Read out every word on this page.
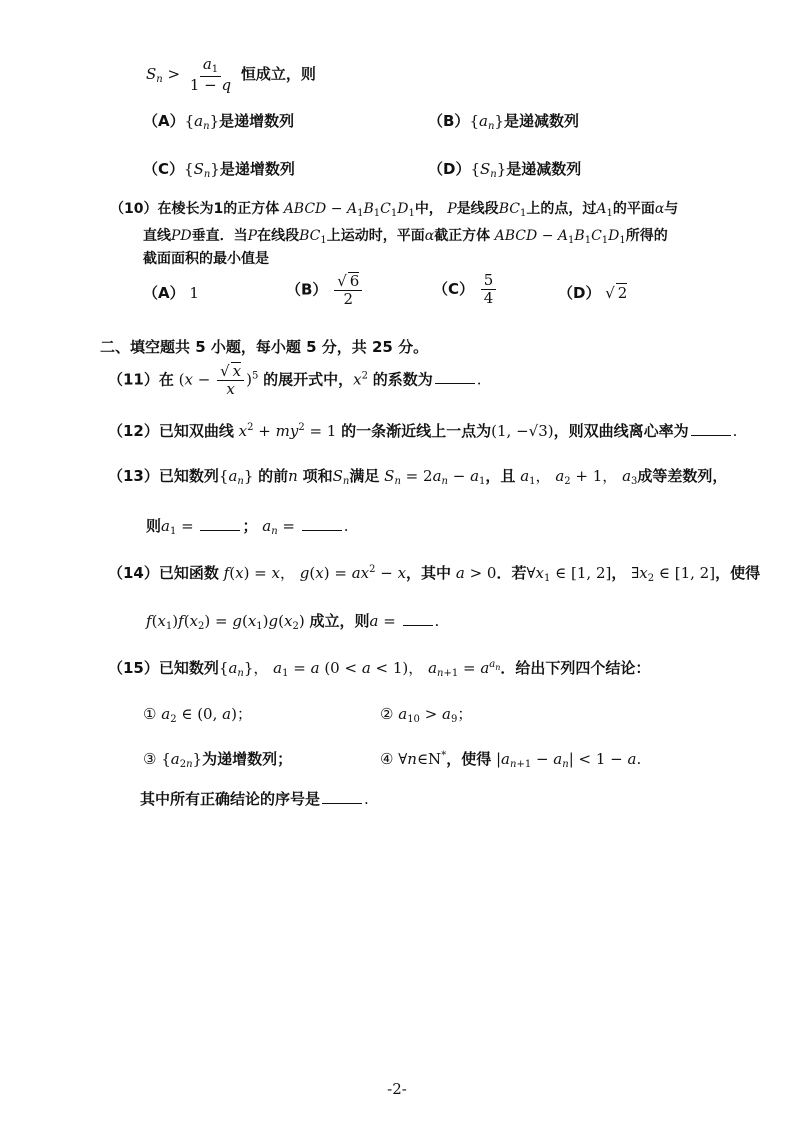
$S_n > \frac{a_1}{1 - q}$ 恒成立，则
$(A)\{a_n\}$是递增数列	$(B)\{a_n\}$是递减数列
$(C)\{S_n\}$是递增数列	$(D)\{S_n\}$是递减数列
（10）在棱长为1的正方体 ABCD − $A_1B_1C_1D_1$中， P是线段$BC_1$上的点，过$A_1$的平面α与
直线PD垂直．当P在线段$BC_1$上运动时，平面α截正方体 ABCD − $A_1B_1C_1D_1$所得的
截面面积的最小值是
（A） 1	$(B) \frac{√ 6}{2}$	$(C) \frac{5}{4}$	（D） √ 2
二、填空题共 5 小题，每小题 5 分，共 25 分。
（11）在 $(x - \frac{√ x}{x} )^5$ 的展开式中，$x^2$ 的系数为	.
（12）已知双曲线 $x^2 + my^2 = 1$ 的一条渐近线上一点为(1, −√3)，则双曲线离心率为	.
（13）已知数列$\{a_n\}$ 的前n 项和$S_n$满足 $S_n = 2a_n - a_1$，且 $a_1$， $a_2 + 1$， $a_3$成等差数列，
则$a_1$ =	； $a_n$ =	.
（14）已知函数 f(x) = x， $g(x) = ax^2 - x$，其中 a > 0．若$\forall x_1$ ∈ [1, 2]， $\exists x_2$ ∈ [1, 2]，使得
$f(x_1)f(x_2) = g(x_1)g(x_2)$ 成立，则a = .
（15）已知数列$\{a_n\}$， $a_1 = a$ (0 < a < 1)， $a_{n+1} = a^{a_n}$．给出下列四个结论：
① $a_2$ ∈ (0, a)；	② $a_{10} > a_9$；
③ $\{a_{2n}\}$为递增数列；	④ ∀n∈N*，使得 $|a_{n+1} - a_n| < 1 - a$.
其中所有正确结论的序号是	.
-2-
